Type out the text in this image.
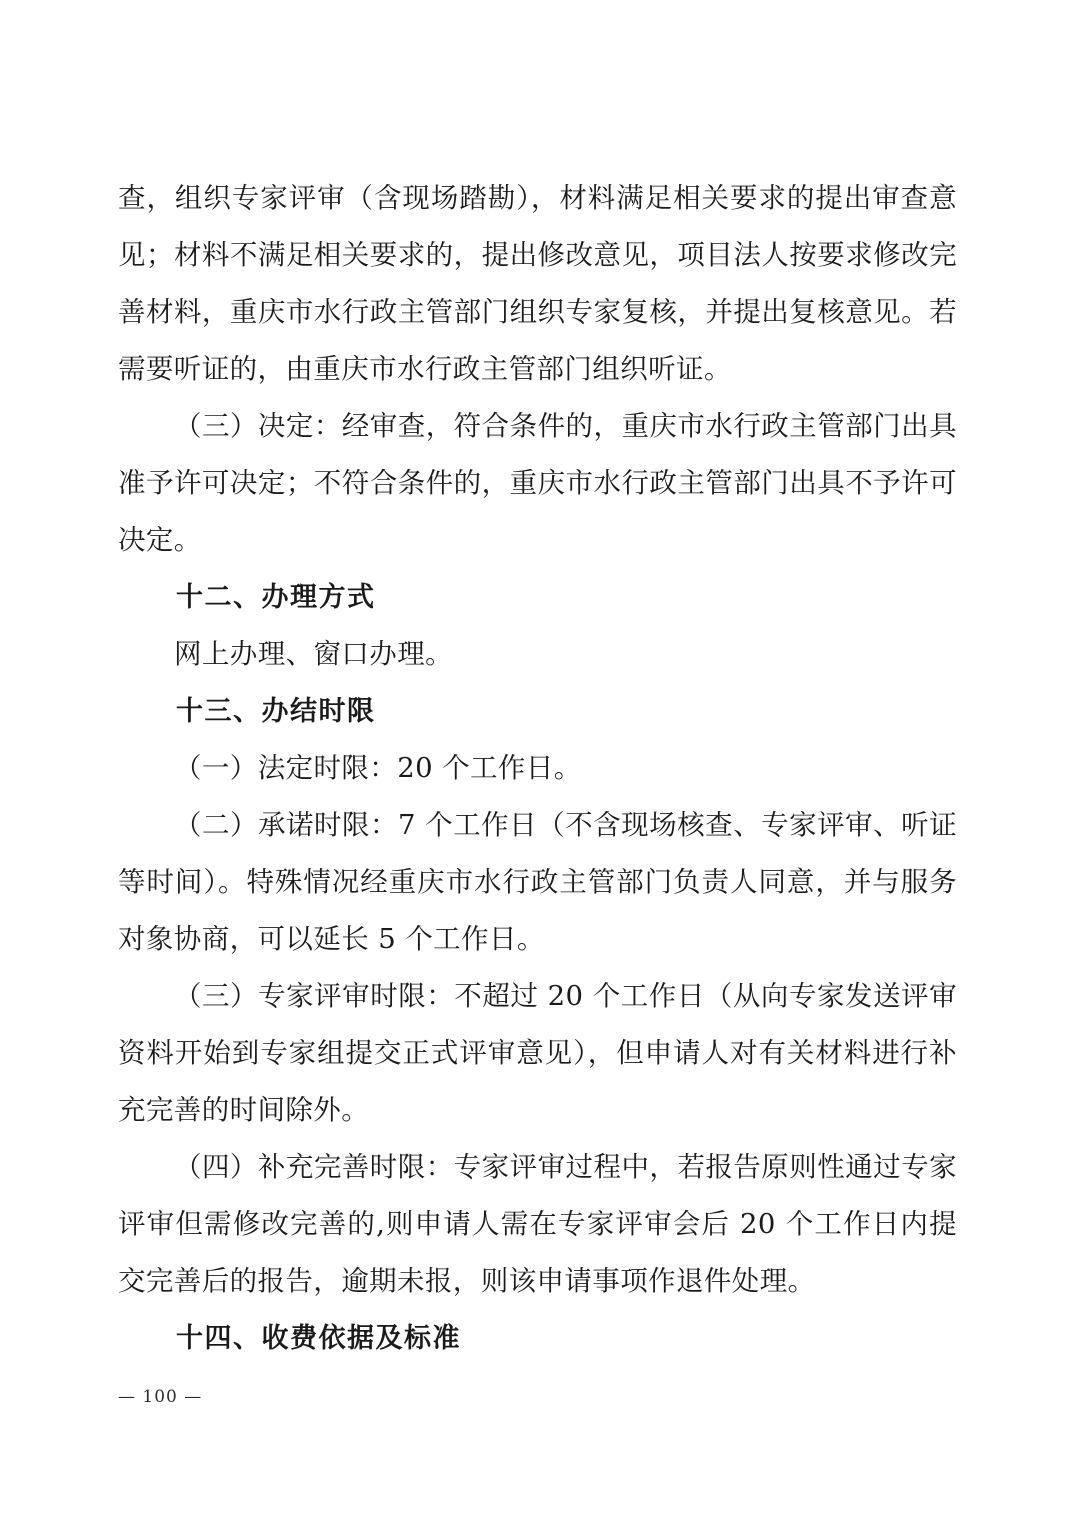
查，组织专家评审（含现场踏勘），材料满足相关要求的提出审查意见；材料不满足相关要求的，提出修改意见，项目法人按要求修改完善材料，重庆市水行政主管部门组织专家复核，并提出复核意见。若需要听证的，由重庆市水行政主管部门组织听证。

（三）决定：经审查，符合条件的，重庆市水行政主管部门出具准予许可决定；不符合条件的，重庆市水行政主管部门出具不予许可决定。

十二、办理方式

网上办理、窗口办理。

十三、办结时限

（一）法定时限：20 个工作日。

（二）承诺时限：7 个工作日（不含现场核查、专家评审、听证等时间）。特殊情况经重庆市水行政主管部门负责人同意，并与服务对象协商，可以延长 5 个工作日。

（三）专家评审时限：不超过 20 个工作日（从向专家发送评审资料开始到专家组提交正式评审意见），但申请人对有关材料进行补充完善的时间除外。

（四）补充完善时限：专家评审过程中，若报告原则性通过专家评审但需修改完善的,则申请人需在专家评审会后 20 个工作日内提交完善后的报告，逾期未报，则该申请事项作退件处理。

十四、收费依据及标准

— 100 —
